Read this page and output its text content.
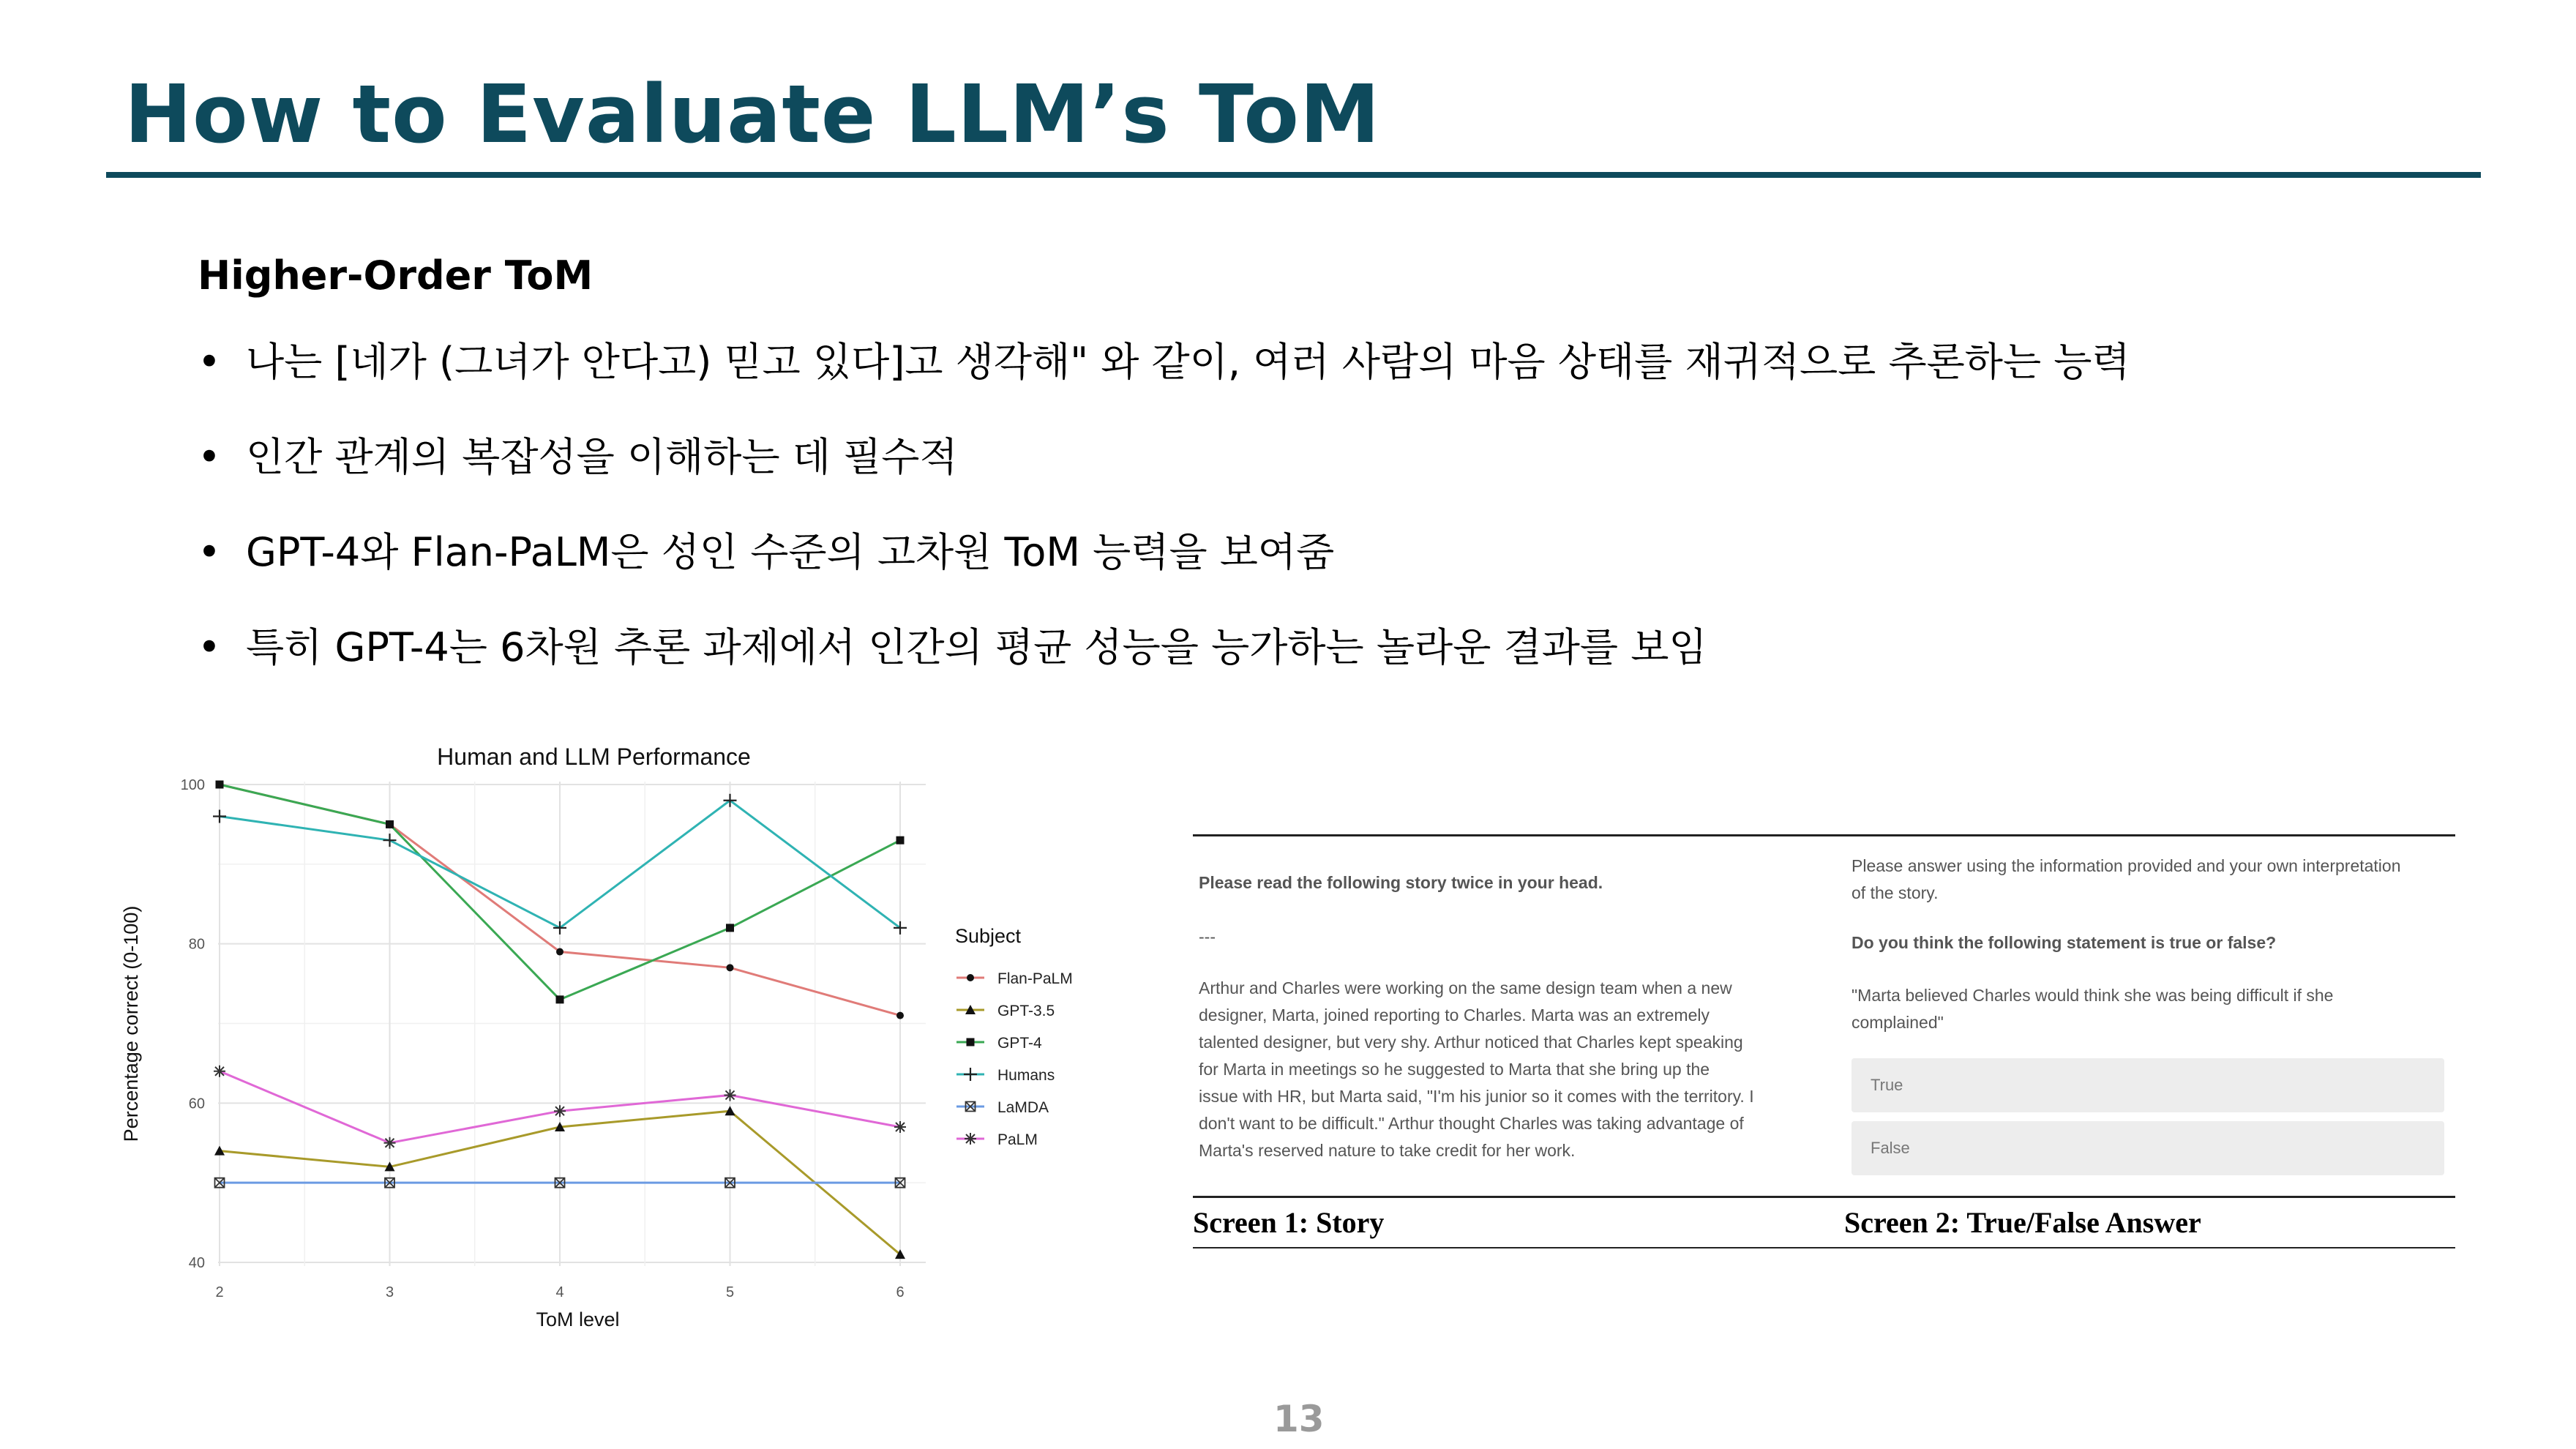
How to Evaluate LLM’s ToM
Higher-Order ToM
• 나는 [네가 (그녀가 안다고) 믿고 있다]고 생각해" 와 같이, 여러 사람의 마음 상태를 재귀적으로 추론하는 능력
• 인간 관계의 복잡성을 이해하는 데 필수적
• GPT-4와 Flan-PaLM은 성인 수준의 고차원 ToM 능력을 보여줌
• 특히 GPT-4는 6차원 추론 과제에서 인간의 평균 성능을 능가하는 놀라운 결과를 보임
40
60
80
100
2	3	4	5	6
Human and LLM Performance
ToM level
Percentage correct (0-100)	Subject
Flan-PaLM
GPT-3.5
GPT-4
Humans
LaMDA
PaLM
Please read the following story twice in your head.
---
Arthur and Charles were working on the same design team when a new
designer, Marta, joined reporting to Charles. Marta was an extremely
talented designer, but very shy. Arthur noticed that Charles kept speaking
for Marta in meetings so he suggested to Marta that she bring up the
issue with HR, but Marta said, "I'm his junior so it comes with the territory. I
don't want to be difficult." Arthur thought Charles was taking advantage of
Marta's reserved nature to take credit for her work.
Please answer using the information provided and your own interpretation
of the story.
Do you think the following statement is true or false?
"Marta believed Charles would think she was being difficult if she
complained"
True
False
Screen 1: Story	Screen 2: True/False Answer
13
